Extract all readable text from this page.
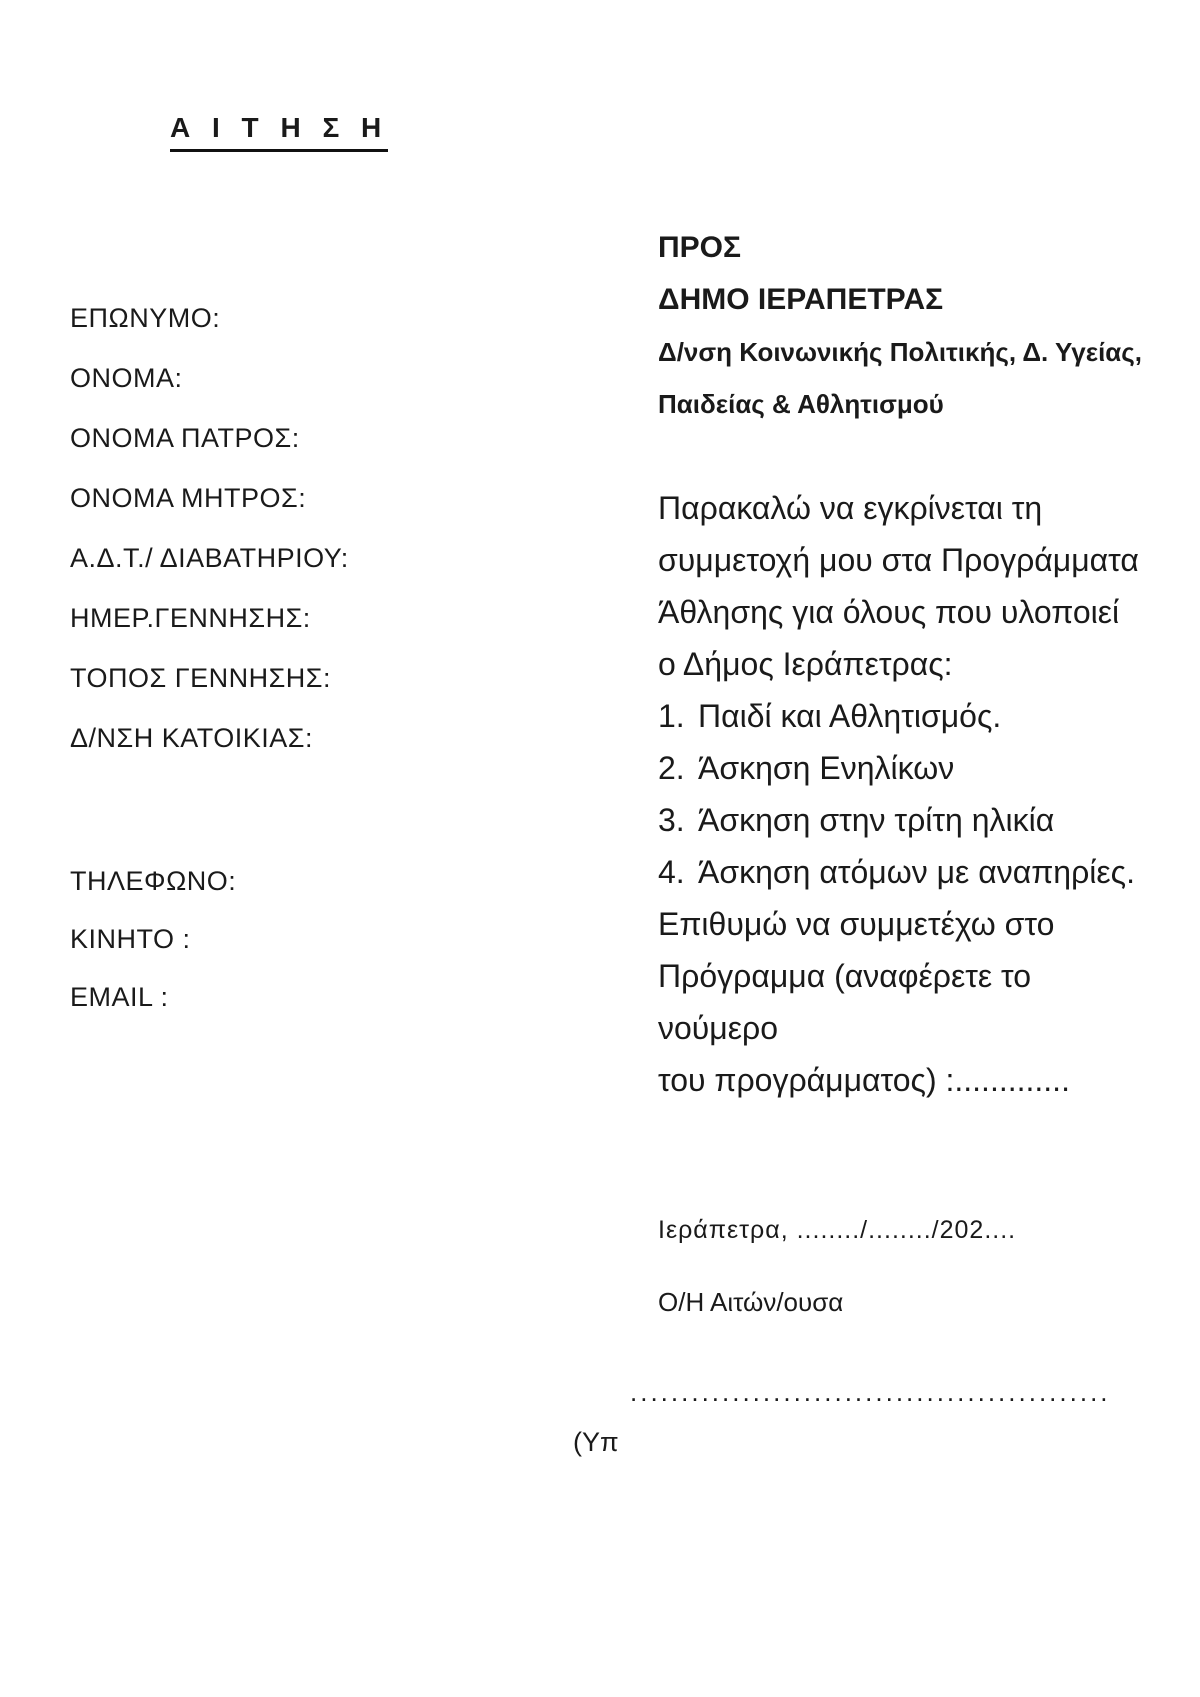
Α Ι Τ Η Σ Η
ΕΠΩΝΥΜΟ:
ΟΝΟΜΑ:
ΟΝΟΜΑ ΠΑΤΡΟΣ:
ΟΝΟΜΑ ΜΗΤΡΟΣ:
Α.Δ.Τ./ ΔΙΑΒΑΤΗΡΙΟΥ:
ΗΜΕΡ.ΓΕΝΝΗΣΗΣ:
ΤΟΠΟΣ ΓΕΝΝΗΣΗΣ:
Δ/ΝΣΗ ΚΑΤΟΙΚΙΑΣ:
ΤΗΛΕΦΩΝΟ:
ΚΙΝΗΤΟ :
EMAIL :
ΠΡΟΣ
ΔΗΜΟ ΙΕΡΑΠΕΤΡΑΣ
Δ/νση Κοινωνικής Πολιτικής, Δ. Υγείας,
Παιδείας & Αθλητισμού
Παρακαλώ να εγκρίνεται τη
συμμετοχή μου στα Προγράμματα
Άθλησης για όλους που υλοποιεί
ο Δήμος Ιεράπετρας:
1. Παιδί και Αθλητισμός.
2. Άσκηση Ενηλίκων
3. Άσκηση στην τρίτη ηλικία
4. Άσκηση ατόμων με αναπηρίες.
Επιθυμώ να συμμετέχω στο
Πρόγραμμα (αναφέρετε το
νούμερο
του προγράμματος) :.............
Ιεράπετρα, ......../......../202....
Ο/Η Αιτών/ουσα
...............................................
(Υπ
